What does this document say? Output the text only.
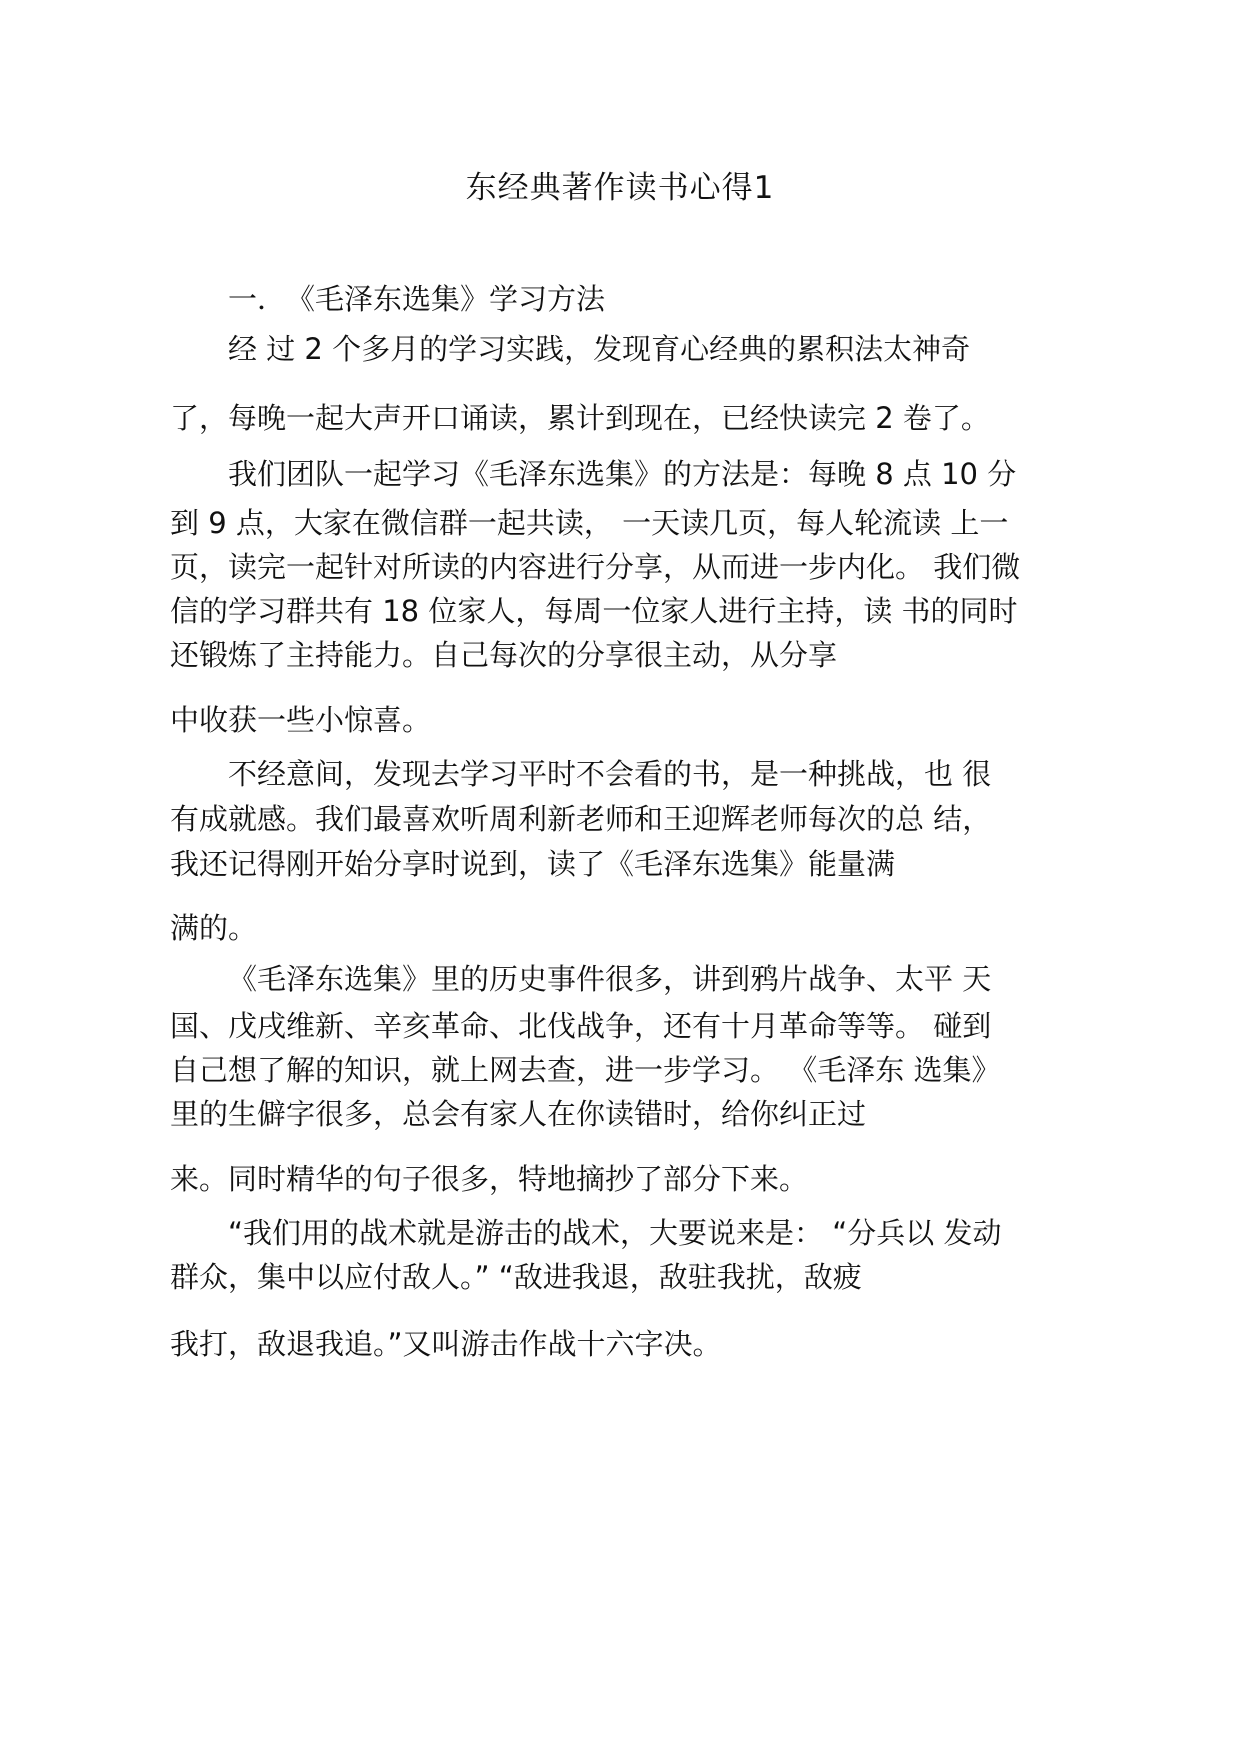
东经典著作读书心得1
一．　《毛泽东选集》学习方法
经 过 2 个多月的学习实践，发现育心经典的累积法太神奇
了，每晚一起大声开口诵读，累计到现在，已经快读完 2 卷了。
我们团队一起学习《毛泽东选集》的方法是：每晚 8 点 10 分
到 9 点，大家在微信群一起共读， 一天读几页，每人轮流读 上一
页，读完一起针对所读的内容进行分享，从而进一步内化。 我们微
信的学习群共有 18 位家人，每周一位家人进行主持，读 书的同时
还锻炼了主持能力。自己每次的分享很主动，从分享
中收获一些小惊喜。
不经意间，发现去学习平时不会看的书，是一种挑战，也 很
有成就感。我们最喜欢听周利新老师和王迎辉老师每次的总 结，
我还记得刚开始分享时说到，读了《毛泽东选集》能量满
满的。
《毛泽东选集》里的历史事件很多，讲到鸦片战争、太平 天
国、戊戌维新、辛亥革命、北伐战争，还有十月革命等等。 碰到
自己想了解的知识，就上网去查，进一步学习。 《毛泽东 选集》
里的生僻字很多，总会有家人在你读错时，给你纠正过
来。同时精华的句子很多，特地摘抄了部分下来。
“我们用的战术就是游击的战术，大要说来是： “分兵以 发动
群众，集中以应付敌人。” “敌进我退，敌驻我扰，敌疲
我打，敌退我追。”又叫游击作战十六字决。
